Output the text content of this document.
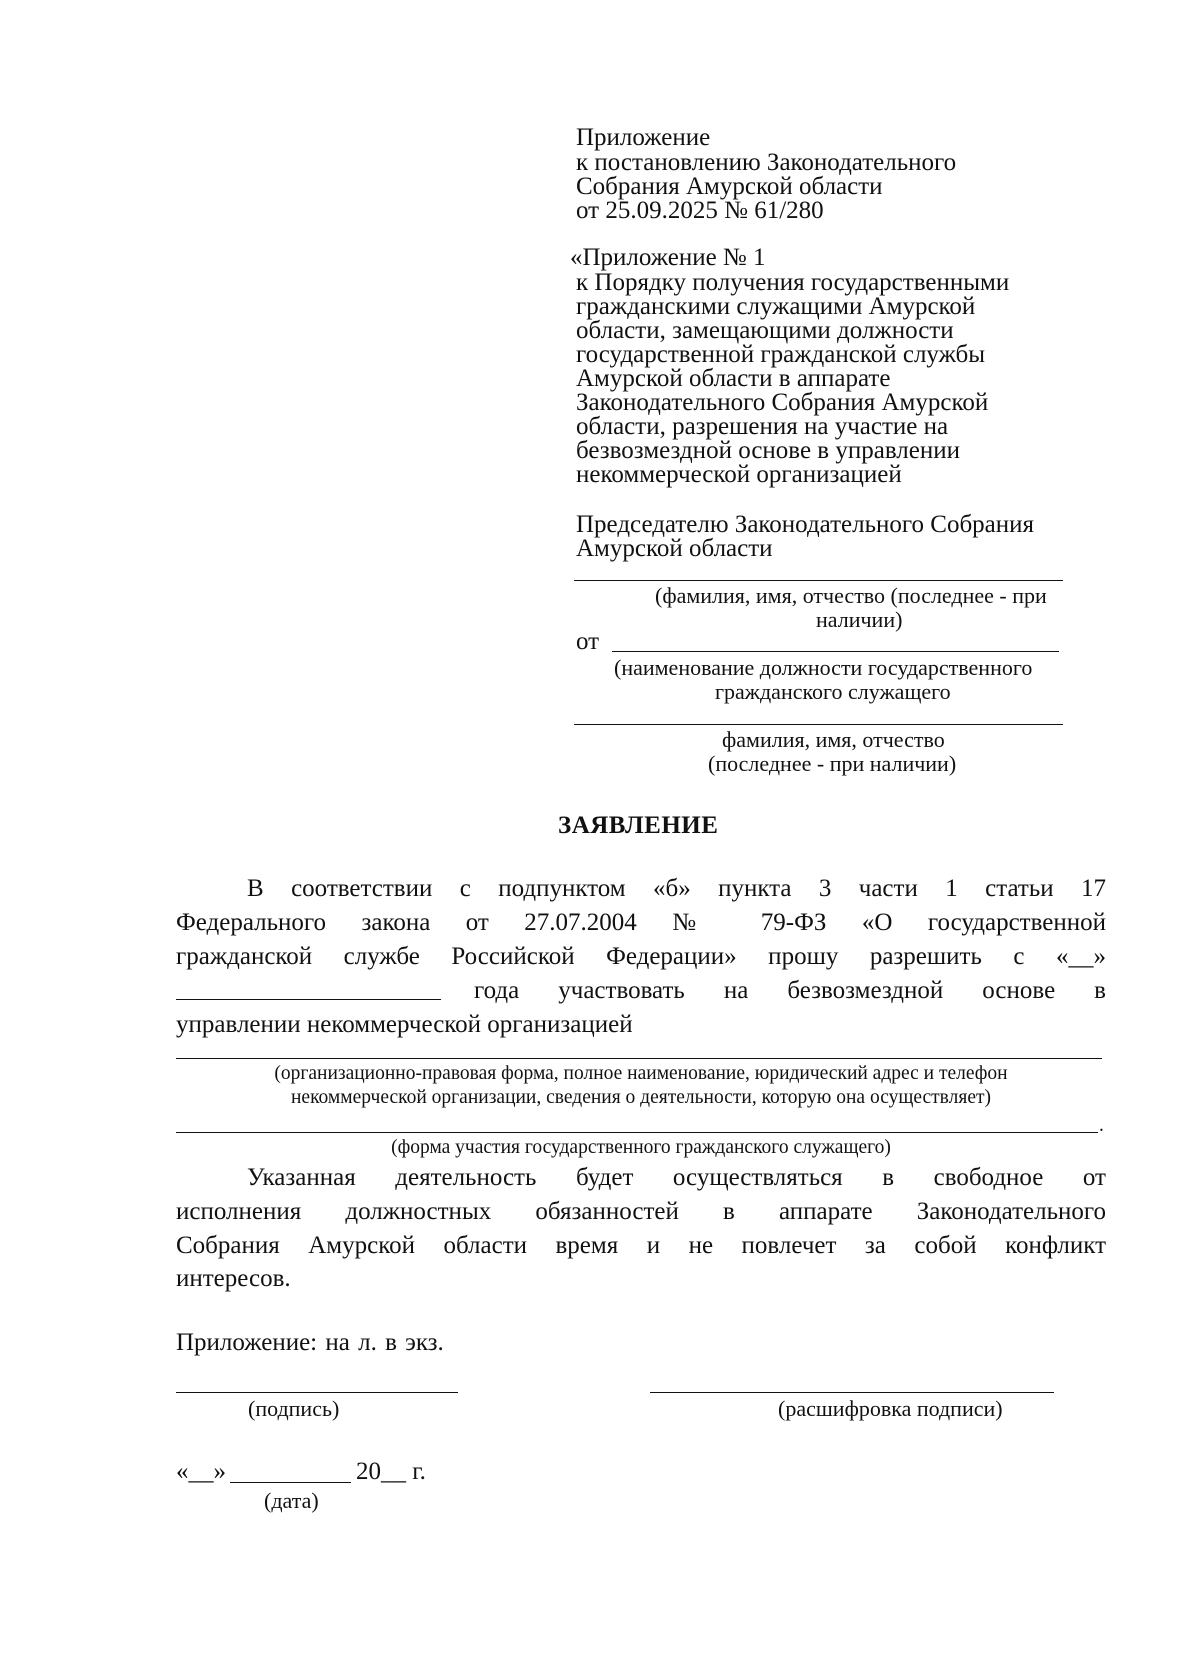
Приложение
к постановлению Законодательного
Собрания Амурской области
от 25.09.2025 № 61/280
«Приложение № 1
к Порядку получения государственными
гражданскими служащими Амурской
области, замещающими должности
государственной гражданской службы
Амурской области в аппарате
Законодательного Собрания Амурской
области, разрешения на участие на
безвозмездной основе в управлении
некоммерческой организацией
Председателю Законодательного Собрания
Амурской области
(фамилия, имя, отчество (последнее - при
наличии)
от
(наименование должности государственного
гражданского служащего
фамилия, имя, отчество
(последнее - при наличии)
ЗАЯВЛЕНИЕ
В соответствии с подпунктом «б» пункта 3 части 1 статьи 17
Федерального закона от 27.07.2004 № 79-ФЗ «О государственной
гражданской службе Российской Федерации» прошу разрешить с «__»
года участвовать на безвозмездной основе в
управлении некоммерческой организацией
(организационно-правовая форма, полное наименование, юридический адрес и телефон
некоммерческой организации, сведения о деятельности, которую она осуществляет)
.
(форма участия государственного гражданского служащего)
Указанная деятельность будет осуществляться в свободное от
исполнения должностных обязанностей в аппарате Законодательного
Собрания Амурской области время и не повлечет за собой конфликт
интересов.
Приложение: на л. в экз.
(подпись)	(расшифровка подписи)
«__»	20__ г.
(дата)
